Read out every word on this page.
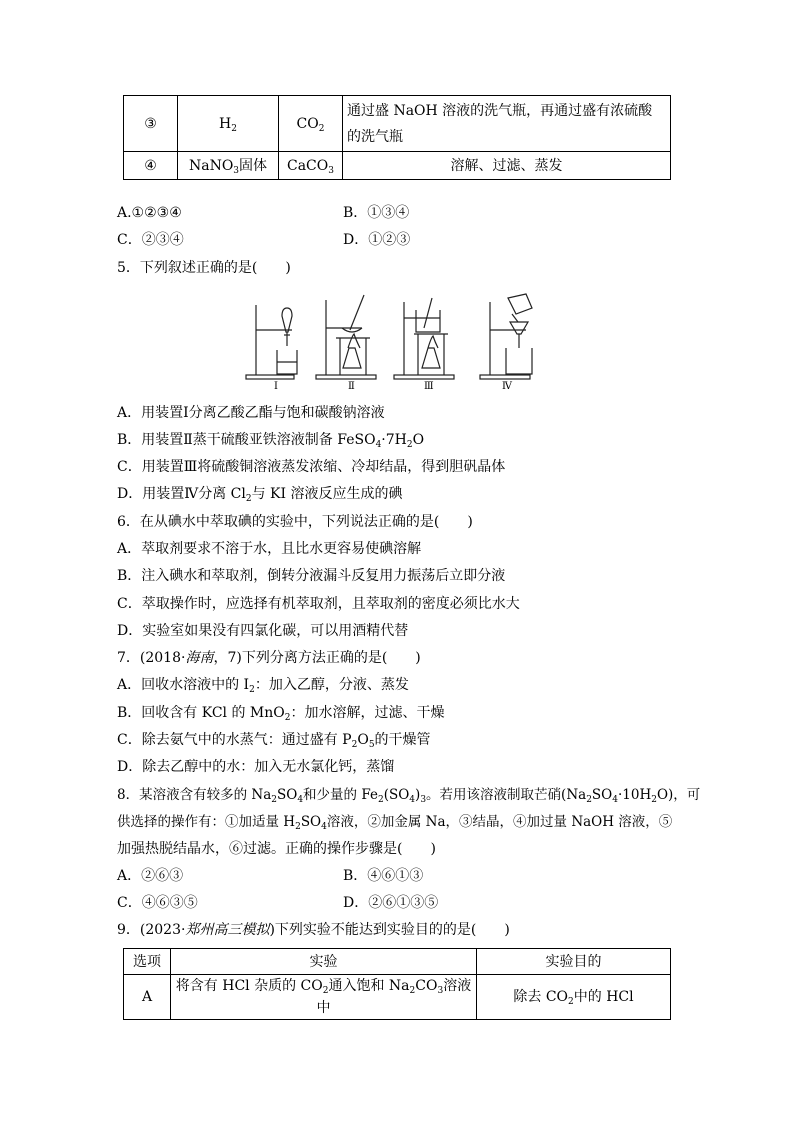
③	$H_2$	$CO_2$	通过盛 NaOH 溶液的洗气瓶，再通过盛有浓硫酸的洗气瓶
④	NaNO$_3$固体	CaCO$_3$	溶解、过滤、蒸发
A.①②③④	B．①③④
C．②③④	D．①②③
5．下列叙述正确的是(　　)
Ⅰ	Ⅱ	Ⅲ	Ⅳ
A．用装置Ⅰ分离乙酸乙酯与饱和碳酸钠溶液
B．用装置Ⅱ蒸干硫酸亚铁溶液制备 $FeSO_4\cdot 7H_2O$
C．用装置Ⅲ将硫酸铜溶液蒸发浓缩、冷却结晶，得到胆矾晶体
D．用装置Ⅳ分离 $Cl_2$与 KI 溶液反应生成的碘
6．在从碘水中萃取碘的实验中，下列说法正确的是(　　)
A．萃取剂要求不溶于水，且比水更容易使碘溶解
B．注入碘水和萃取剂，倒转分液漏斗反复用力振荡后立即分液
C．萃取操作时，应选择有机萃取剂，且萃取剂的密度必须比水大
D．实验室如果没有四氯化碳，可以用酒精代替
7．(2018·海南，7)下列分离方法正确的是(　　)
A．回收水溶液中的 $I_2$：加入乙醇，分液、蒸发
B．回收含有 KCl 的 MnO$_2$：加水溶解，过滤、干燥
C．除去氨气中的水蒸气：通过盛有 $P_2O_5$的干燥管
D．除去乙醇中的水：加入无水氯化钙，蒸馏
8．某溶液含有较多的 $Na_2SO_4$和少量的 $Fe_2(SO_4)_3$。若用该溶液制取芒硝$(Na_2SO_4\cdot 10H_2O)$，可
供选择的操作有：①加适量 $H_2SO_4$溶液，②加金属 Na，③结晶，④加过量 NaOH 溶液，⑤
加强热脱结晶水，⑥过滤。正确的操作步骤是(　　)
A．②⑥③	B．④⑥①③
C．④⑥③⑤	D．②⑥①③⑤
9．(2023·郑州高三模拟)下列实验不能达到实验目的的是(　　)
选项	实验	实验目的
A	将含有 HCl 杂质的 $CO_2$通入饱和 $Na_2CO_3$溶液中	除去 $CO_2$中的 HCl
